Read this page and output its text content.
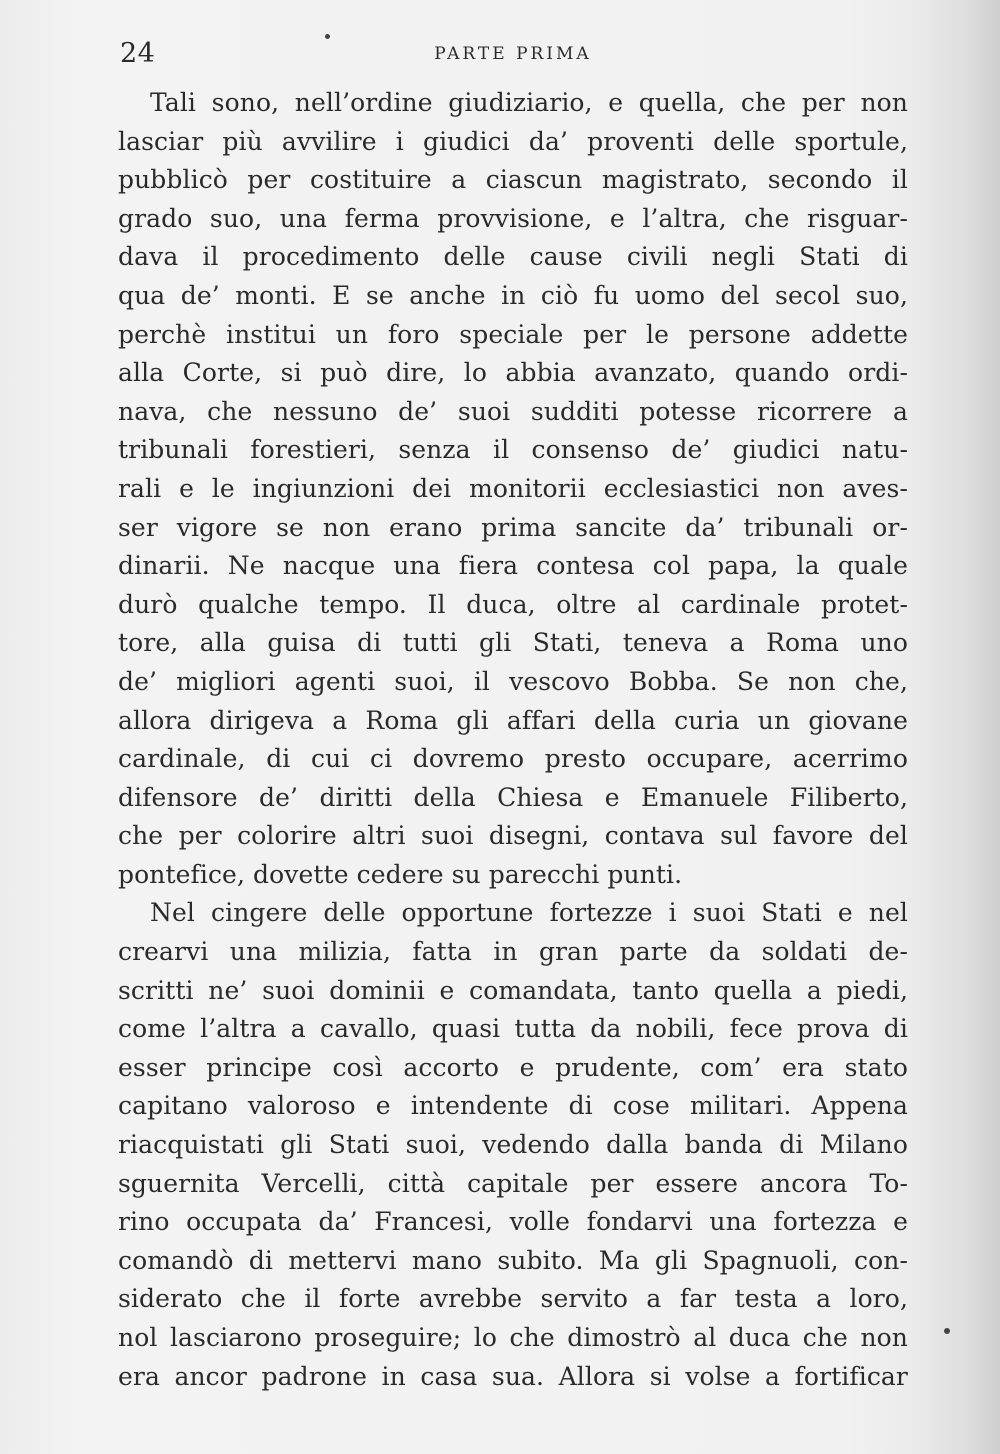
24	PARTE PRIMA
Tali sono, nell’ordine giudiziario, e quella, che per non
lasciar più avvilire i giudici da’ proventi delle sportule,
pubblicò per costituire a ciascun magistrato, secondo il
grado suo, una ferma provvisione, e l’altra, che risguar-
dava il procedimento delle cause civili negli Stati di
qua de’ monti. E se anche in ciò fu uomo del secol suo,
perchè institui un foro speciale per le persone addette
alla Corte, si può dire, lo abbia avanzato, quando ordi-
nava, che nessuno de’ suoi sudditi potesse ricorrere a
tribunali forestieri, senza il consenso de’ giudici natu-
rali e le ingiunzioni dei monitorii ecclesiastici non aves-
ser vigore se non erano prima sancite da’ tribunali or-
dinarii. Ne nacque una fiera contesa col papa, la quale
durò qualche tempo. Il duca, oltre al cardinale protet-
tore, alla guisa di tutti gli Stati, teneva a Roma uno
de’ migliori agenti suoi, il vescovo Bobba. Se non che,
allora dirigeva a Roma gli affari della curia un giovane
cardinale, di cui ci dovremo presto occupare, acerrimo
difensore de’ diritti della Chiesa e Emanuele Filiberto,
che per colorire altri suoi disegni, contava sul favore del
pontefice, dovette cedere su parecchi punti.
Nel cingere delle opportune fortezze i suoi Stati e nel
crearvi una milizia, fatta in gran parte da soldati de-
scritti ne’ suoi dominii e comandata, tanto quella a piedi,
come l’altra a cavallo, quasi tutta da nobili, fece prova di
esser principe così accorto e prudente, com’ era stato
capitano valoroso e intendente di cose militari. Appena
riacquistati gli Stati suoi, vedendo dalla banda di Milano
sguernita Vercelli, città capitale per essere ancora To-
rino occupata da’ Francesi, volle fondarvi una fortezza e
comandò di mettervi mano subito. Ma gli Spagnuoli, con-
siderato che il forte avrebbe servito a far testa a loro,
nol lasciarono proseguire; lo che dimostrò al duca che non
era ancor padrone in casa sua. Allora si volse a fortificar
